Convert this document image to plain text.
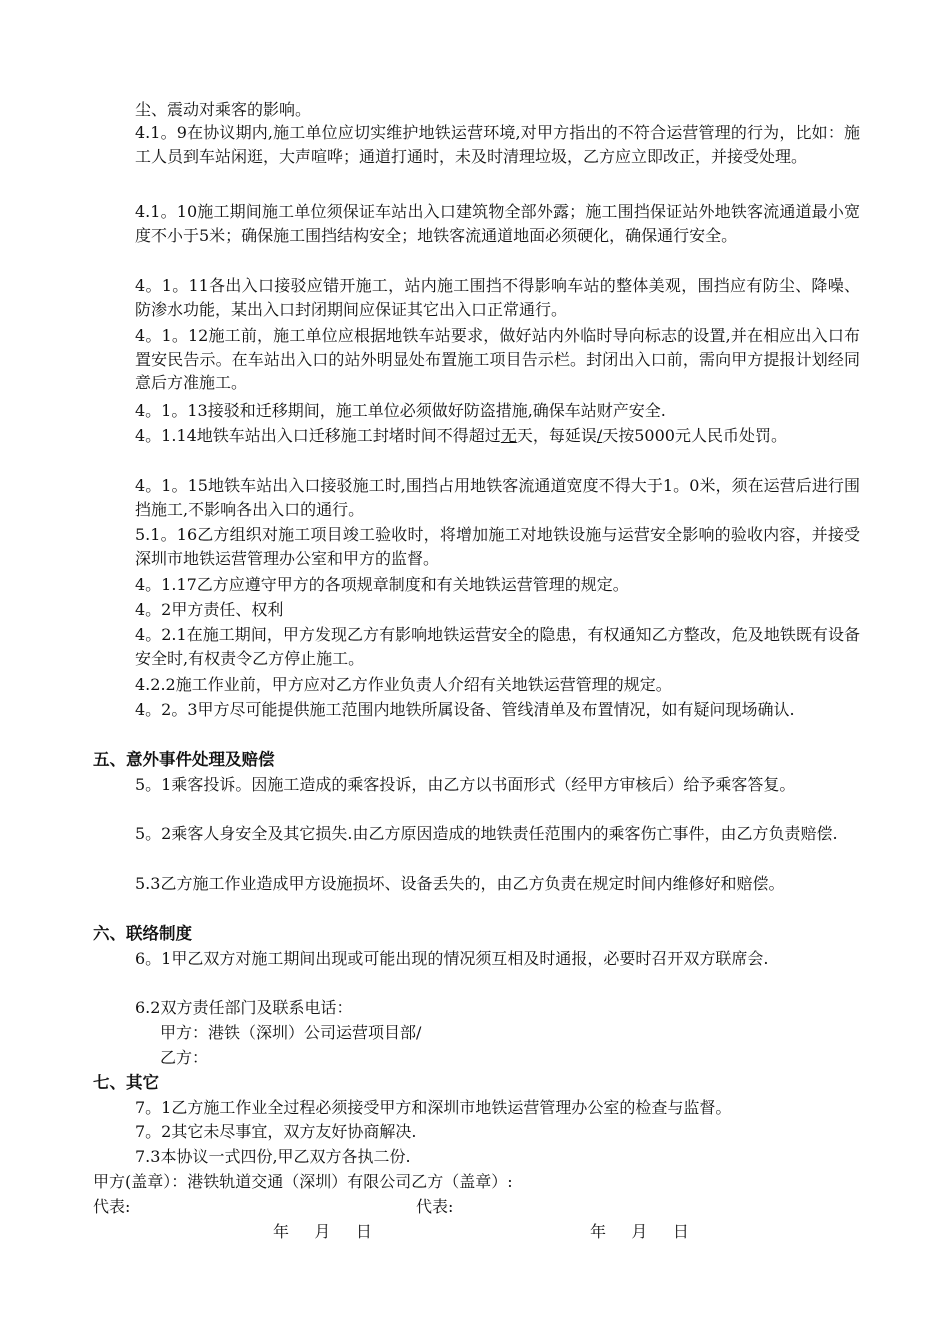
尘、震动对乘客的影响。
4.1。9在协议期内,施工单位应切实维护地铁运营环境,对甲方指出的不符合运营管理的行为，比如：施工人员到车站闲逛，大声喧哗；通道打通时，未及时清理垃圾，乙方应立即改正，并接受处理。
4.1。10施工期间施工单位须保证车站出入口建筑物全部外露；施工围挡保证站外地铁客流通道最小宽度不小于5米；确保施工围挡结构安全；地铁客流通道地面必须硬化，确保通行安全。
4。1。11各出入口接驳应错开施工，站内施工围挡不得影响车站的整体美观，围挡应有防尘、降噪、防渗水功能，某出入口封闭期间应保证其它出入口正常通行。
4。1。12施工前，施工单位应根据地铁车站要求，做好站内外临时导向标志的设置,并在相应出入口布置安民告示。在车站出入口的站外明显处布置施工项目告示栏。封闭出入口前，需向甲方提报计划经同意后方准施工。
4。1。13接驳和迁移期间，施工单位必须做好防盗措施,确保车站财产安全.
4。1.14地铁车站出入口迁移施工封堵时间不得超过无天，每延误/天按5000元人民币处罚。
4。1。15地铁车站出入口接驳施工时,围挡占用地铁客流通道宽度不得大于1。0米，须在运营后进行围挡施工,不影响各出入口的通行。
5.1。16乙方组织对施工项目竣工验收时，将增加施工对地铁设施与运营安全影响的验收内容，并接受深圳市地铁运营管理办公室和甲方的监督。
4。1.17乙方应遵守甲方的各项规章制度和有关地铁运营管理的规定。
4。2甲方责任、权利
4。2.1在施工期间，甲方发现乙方有影响地铁运营安全的隐患，有权通知乙方整改，危及地铁既有设备安全时,有权责令乙方停止施工。
4.2.2施工作业前，甲方应对乙方作业负责人介绍有关地铁运营管理的规定。
4。2。3甲方尽可能提供施工范围内地铁所属设备、管线清单及布置情况，如有疑问现场确认.
五、意外事件处理及赔偿
5。1乘客投诉。因施工造成的乘客投诉，由乙方以书面形式（经甲方审核后）给予乘客答复。
5。2乘客人身安全及其它损失.由乙方原因造成的地铁责任范围内的乘客伤亡事件，由乙方负责赔偿.
5.3乙方施工作业造成甲方设施损坏、设备丢失的，由乙方负责在规定时间内维修好和赔偿。
六、联络制度
6。1甲乙双方对施工期间出现或可能出现的情况须互相及时通报，必要时召开双方联席会.
6.2双方责任部门及联系电话：
甲方：港铁（深圳）公司运营项目部/
乙方：
七、其它
7。1乙方施工作业全过程必须接受甲方和深圳市地铁运营管理办公室的检查与监督。
7。2其它未尽事宜，双方友好协商解决.
7.3本协议一式四份,甲乙双方各执二份.
甲方(盖章）：港铁轨道交通（深圳）有限公司乙方（盖章）:
代表:	代表:
年     月     日	年     月     日
